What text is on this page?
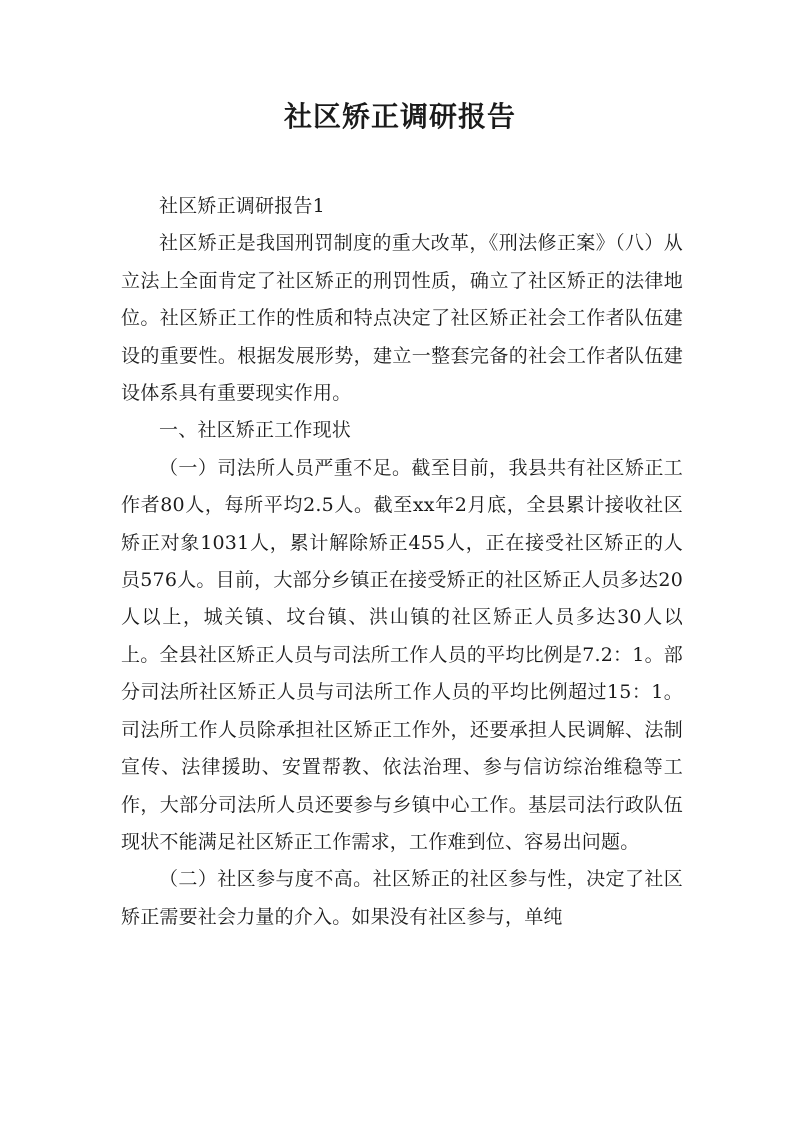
社区矫正调研报告

社区矫正调研报告1

社区矫正是我国刑罚制度的重大改革，《刑法修正案》（八）从立法上全面肯定了社区矫正的刑罚性质，确立了社区矫正的法律地位。社区矫正工作的性质和特点决定了社区矫正社会工作者队伍建设的重要性。根据发展形势，建立一整套完备的社会工作者队伍建设体系具有重要现实作用。

一、社区矫正工作现状

（一）司法所人员严重不足。截至目前，我县共有社区矫正工作者80人，每所平均2.5人。截至xx年2月底，全县累计接收社区矫正对象1031人，累计解除矫正455人，正在接受社区矫正的人员576人。目前，大部分乡镇正在接受矫正的社区矫正人员多达20人以上，城关镇、坟台镇、洪山镇的社区矫正人员多达30人以上。全县社区矫正人员与司法所工作人员的平均比例是7.2：1。部分司法所社区矫正人员与司法所工作人员的平均比例超过15：1。司法所工作人员除承担社区矫正工作外，还要承担人民调解、法制宣传、法律援助、安置帮教、依法治理、参与信访综治维稳等工作，大部分司法所人员还要参与乡镇中心工作。基层司法行政队伍现状不能满足社区矫正工作需求，工作难到位、容易出问题。

（二）社区参与度不高。社区矫正的社区参与性，决定了社区矫正需要社会力量的介入。如果没有社区参与，单纯
